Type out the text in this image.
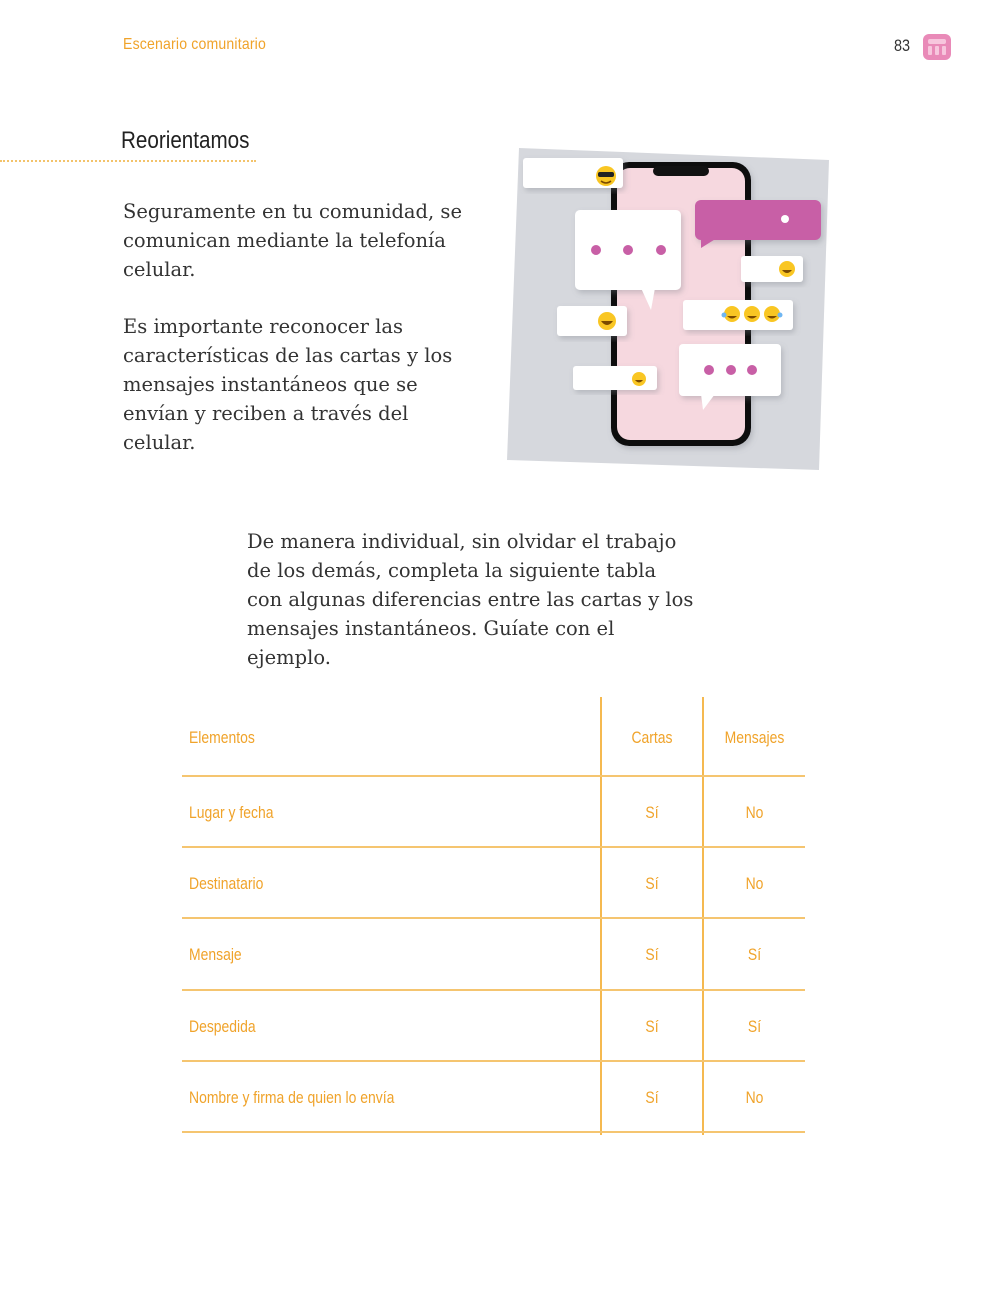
Escenario comunitario	83
Reorientamos

Seguramente en tu comunidad, se comunican mediante la telefonía celular.

Es importante reconocer las características de las cartas y los mensajes instantáneos que se envían y reciben a través del celular.

De manera individual, sin olvidar el trabajo de los demás, completa la siguiente tabla con algunas diferencias entre las cartas y los mensajes instantáneos. Guíate con el ejemplo.

Elementos	Cartas	Mensajes
Lugar y fecha	Sí	No
Destinatario	Sí	No
Mensaje	Sí	Sí
Despedida	Sí	Sí
Nombre y firma de quien lo envía	Sí	No
